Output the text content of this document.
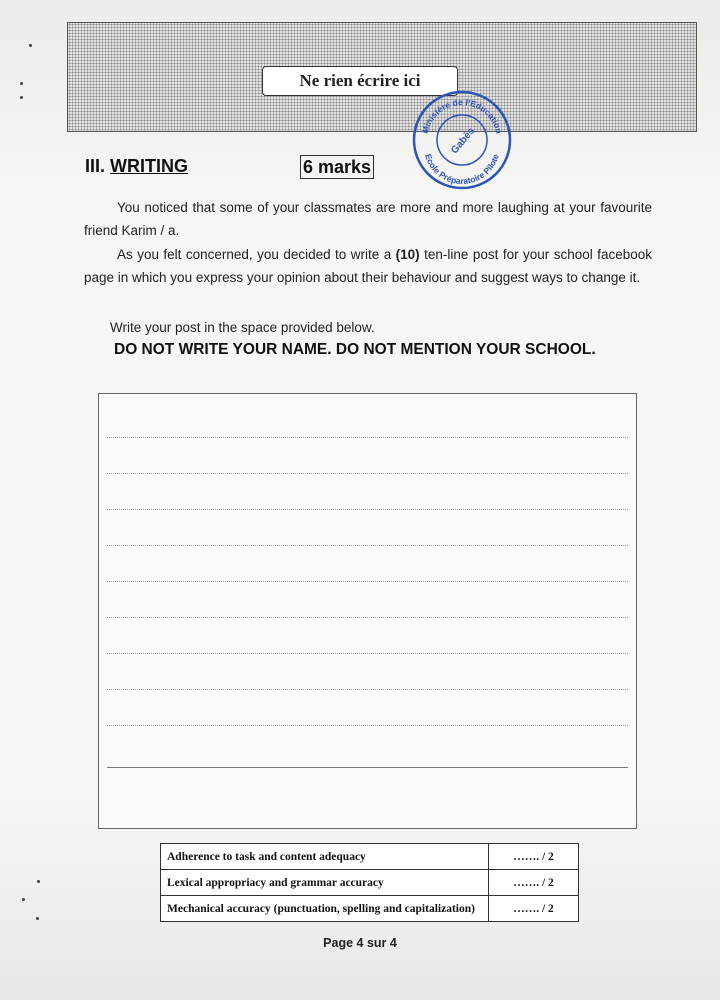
Ne rien écrire ici
Ministère de l'Education
Ecole Préparatoire Pilote
Gabès
III. WRITING	6 marks
You noticed that some of your classmates are more and more laughing at your favourite friend Karim / a.
As you felt concerned, you decided to write a (10) ten-line post for your school facebook page in which you express your opinion about their behaviour and suggest ways to change it.
Write your post in the space provided below.
DO NOT WRITE YOUR NAME. DO NOT MENTION YOUR SCHOOL.
Adherence to task and content adequacy	……. / 2
Lexical appropriacy and grammar accuracy	……. / 2
Mechanical accuracy (punctuation, spelling and capitalization)	……. / 2
Page 4 sur 4
